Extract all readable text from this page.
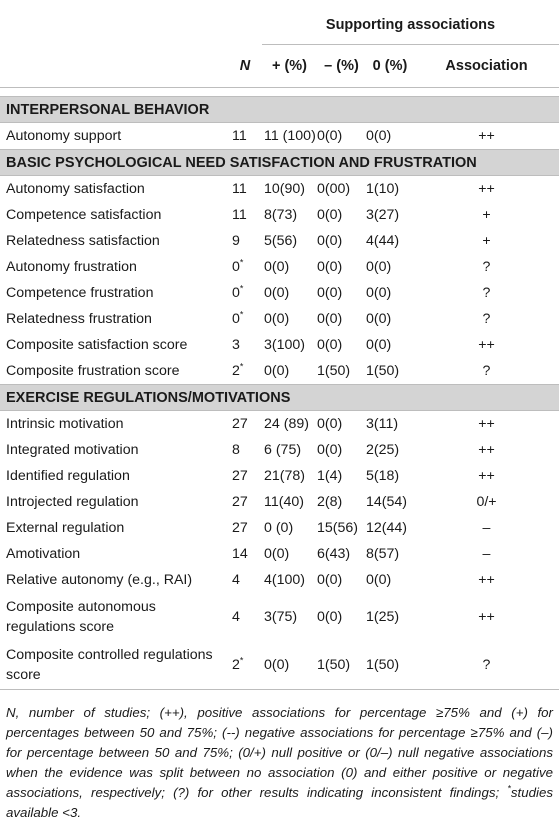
		Supporting associations			
	N	+ (%)	– (%)	0 (%)	Association

INTERPERSONAL BEHAVIOR					
Autonomy support	11	11 (100)	0(0)	0(0)	++
BASIC PSYCHOLOGICAL NEED SATISFACTION AND FRUSTRATION					
Autonomy satisfaction	11	10(90)	0(00)	1(10)	++
Competence satisfaction	11	8(73)	0(0)	3(27)	+
Relatedness satisfaction	9	5(56)	0(0)	4(44)	+
Autonomy frustration	0*	0(0)	0(0)	0(0)	?
Competence frustration	0*	0(0)	0(0)	0(0)	?
Relatedness frustration	0*	0(0)	0(0)	0(0)	?
Composite satisfaction score	3	3(100)	0(0)	0(0)	++
Composite frustration score	2*	0(0)	1(50)	1(50)	?
EXERCISE REGULATIONS/MOTIVATIONS					
Intrinsic motivation	27	24 (89)	0(0)	3(11)	++
Integrated motivation	8	6 (75)	0(0)	2(25)	++
Identified regulation	27	21(78)	1(4)	5(18)	++
Introjected regulation	27	11(40)	2(8)	14(54)	0/+
External regulation	27	0 (0)	15(56)	12(44)	–
Amotivation	14	0(0)	6(43)	8(57)	–
Relative autonomy (e.g., RAI)	4	4(100)	0(0)	0(0)	++
Composite autonomous regulations score	4	3(75)	0(0)	1(25)	++
Composite controlled regulations score	2*	0(0)	1(50)	1(50)	?
N, number of studies; (++), positive associations for percentage ≥75% and (+) for percentages between 50 and 75%; (--) negative associations for percentage ≥75% and (–) for percentage between 50 and 75%; (0/+) null positive or (0/–) null negative associations when the evidence was split between no association (0) and either positive or negative associations, respectively; (?) for other results indicating inconsistent findings; *studies available <3.
